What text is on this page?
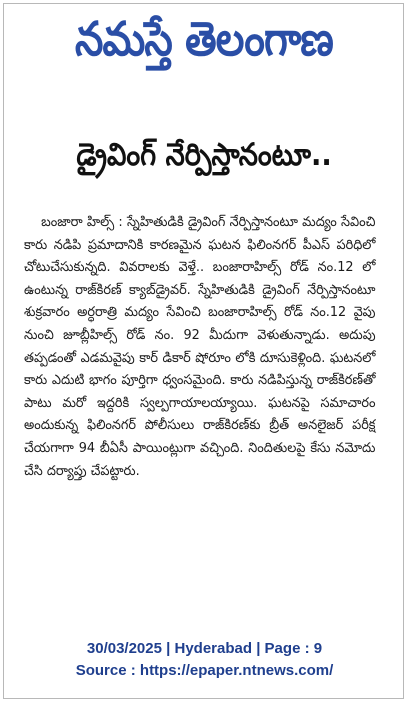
నమస్తే తెలంగాణ
డ్రైవింగ్ నేర్పిస్తానంటూ..

బంజారా హిల్స్ : స్నేహితుడికి డ్రైవింగ్ నేర్పిస్తానంటూ మద్యం సేవించి కారు నడిపి ప్రమాదానికి కారణమైన ఘటన ఫిలింనగర్ పీఎస్ పరిధిలో చోటుచేసుకున్నది. వివరాలకు వెళ్తే.. బంజారాహిల్స్ రోడ్ నం.12 లో ఉంటున్న రాజ్‌కిరణ్ క్యాబ్‌డ్రైవర్. స్నేహితుడికి డ్రైవింగ్ నేర్పిస్తానంటూ శుక్రవారం అర్ధరాత్రి మద్యం సేవించి బంజారాహిల్స్ రోడ్ నం.12 వైపు నుంచి జూబ్లీహిల్స్ రోడ్ నం. 92 మీదుగా వెళుతున్నాడు. అదుపు తప్పడంతో ఎడమవైపు కార్ డికార్ షోరూం లోకి దూసుకెళ్లింది. ఘటనలో కారు ఎదుటి భాగం పూర్తిగా ధ్వంసమైంది. కారు నడిపిస్తున్న రాజ్‌కిరణ్‌తో పాటు మరో ఇద్దరికి స్వల్పగాయాలయ్యాయి. ఘటనపై సమాచారం అందుకున్న ఫిలింనగర్ పోలీసులు రాజ్‌కిరణ్‌కు బ్రీత్ అనలైజర్ పరీక్ష చేయగాగా 94 బీఏసీ పాయింట్లుగా వచ్చింది. నిందితులపై కేసు నమోదు చేసి దర్యాప్తు చేపట్టారు.

30/03/2025 | Hyderabad | Page : 9
Source : https://epaper.ntnews.com/
